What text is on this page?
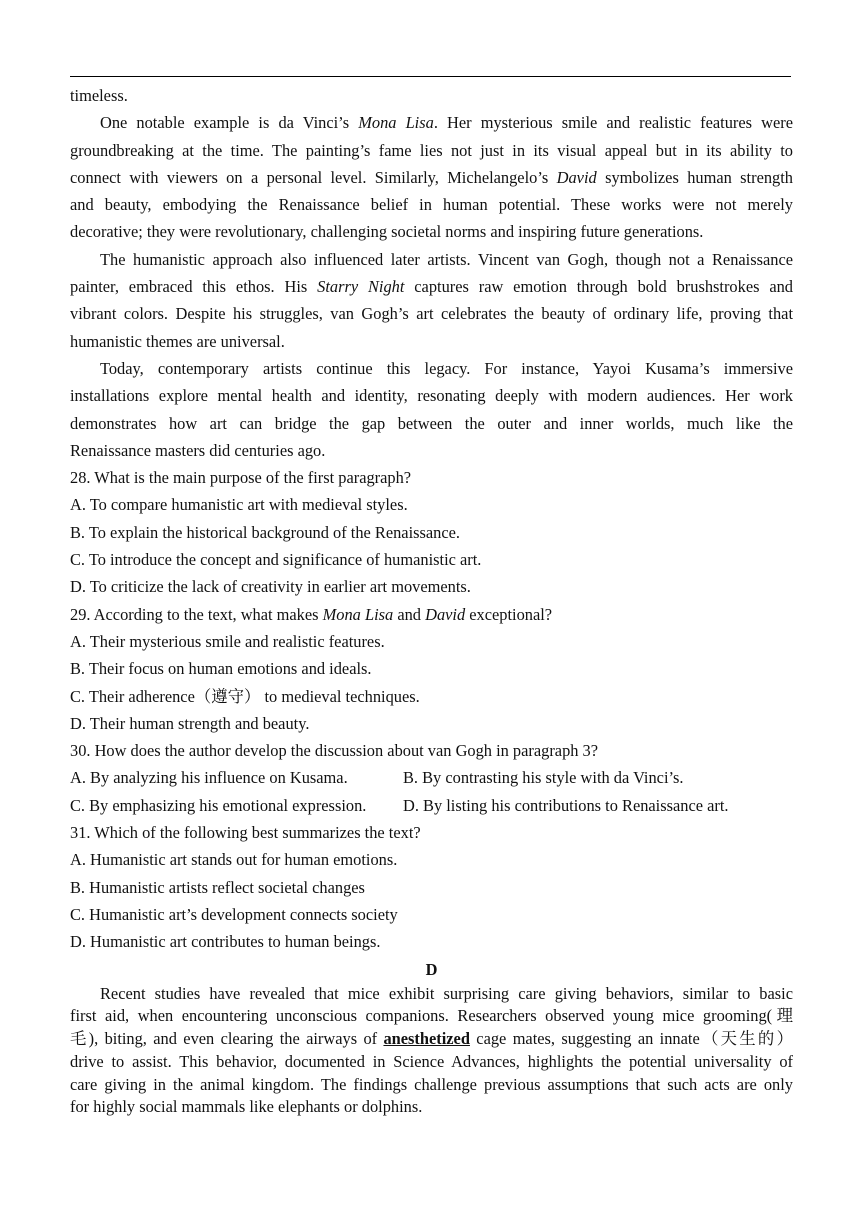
timeless.
One notable example is da Vinci’s Mona Lisa. Her mysterious smile and realistic features were
groundbreaking at the time. The painting’s fame lies not just in its visual appeal but in its ability to
connect with viewers on a personal level. Similarly, Michelangelo’s David symbolizes human strength
and beauty, embodying the Renaissance belief in human potential. These works were not merely
decorative; they were revolutionary, challenging societal norms and inspiring future generations.
The humanistic approach also influenced later artists. Vincent van Gogh, though not a Renaissance
painter, embraced this ethos. His Starry Night captures raw emotion through bold brushstrokes and
vibrant colors. Despite his struggles, van Gogh’s art celebrates the beauty of ordinary life, proving that
humanistic themes are universal.
Today, contemporary artists continue this legacy. For instance, Yayoi Kusama’s immersive
installations explore mental health and identity, resonating deeply with modern audiences. Her work
demonstrates how art can bridge the gap between the outer and inner worlds, much like the
Renaissance masters did centuries ago.
28. What is the main purpose of the first paragraph?
A. To compare humanistic art with medieval styles.
B. To explain the historical background of the Renaissance.
C. To introduce the concept and significance of humanistic art.
D. To criticize the lack of creativity in earlier art movements.
29. According to the text, what makes Mona Lisa and David exceptional?
A. Their mysterious smile and realistic features.
B. Their focus on human emotions and ideals.
C. Their adherence（遵守） to medieval techniques.
D. Their human strength and beauty.
30. How does the author develop the discussion about van Gogh in paragraph 3?
A. By analyzing his influence on Kusama.	B. By contrasting his style with da Vinci’s.
C. By emphasizing his emotional expression.	D. By listing his contributions to Renaissance art.
31. Which of the following best summarizes the text?
A. Humanistic art stands out for human emotions.
B. Humanistic artists reflect societal changes
C. Humanistic art’s development connects society
D. Humanistic art contributes to human beings.
D
Recent studies have revealed that mice exhibit surprising care giving behaviors, similar to basic
first aid, when encountering unconscious companions. Researchers observed young mice grooming(理
毛), biting, and even clearing the airways of anesthetized cage mates, suggesting an innate（天生的）
drive to assist. This behavior, documented in Science Advances, highlights the potential universality of
care giving in the animal kingdom. The findings challenge previous assumptions that such acts are only
for highly social mammals like elephants or dolphins.
